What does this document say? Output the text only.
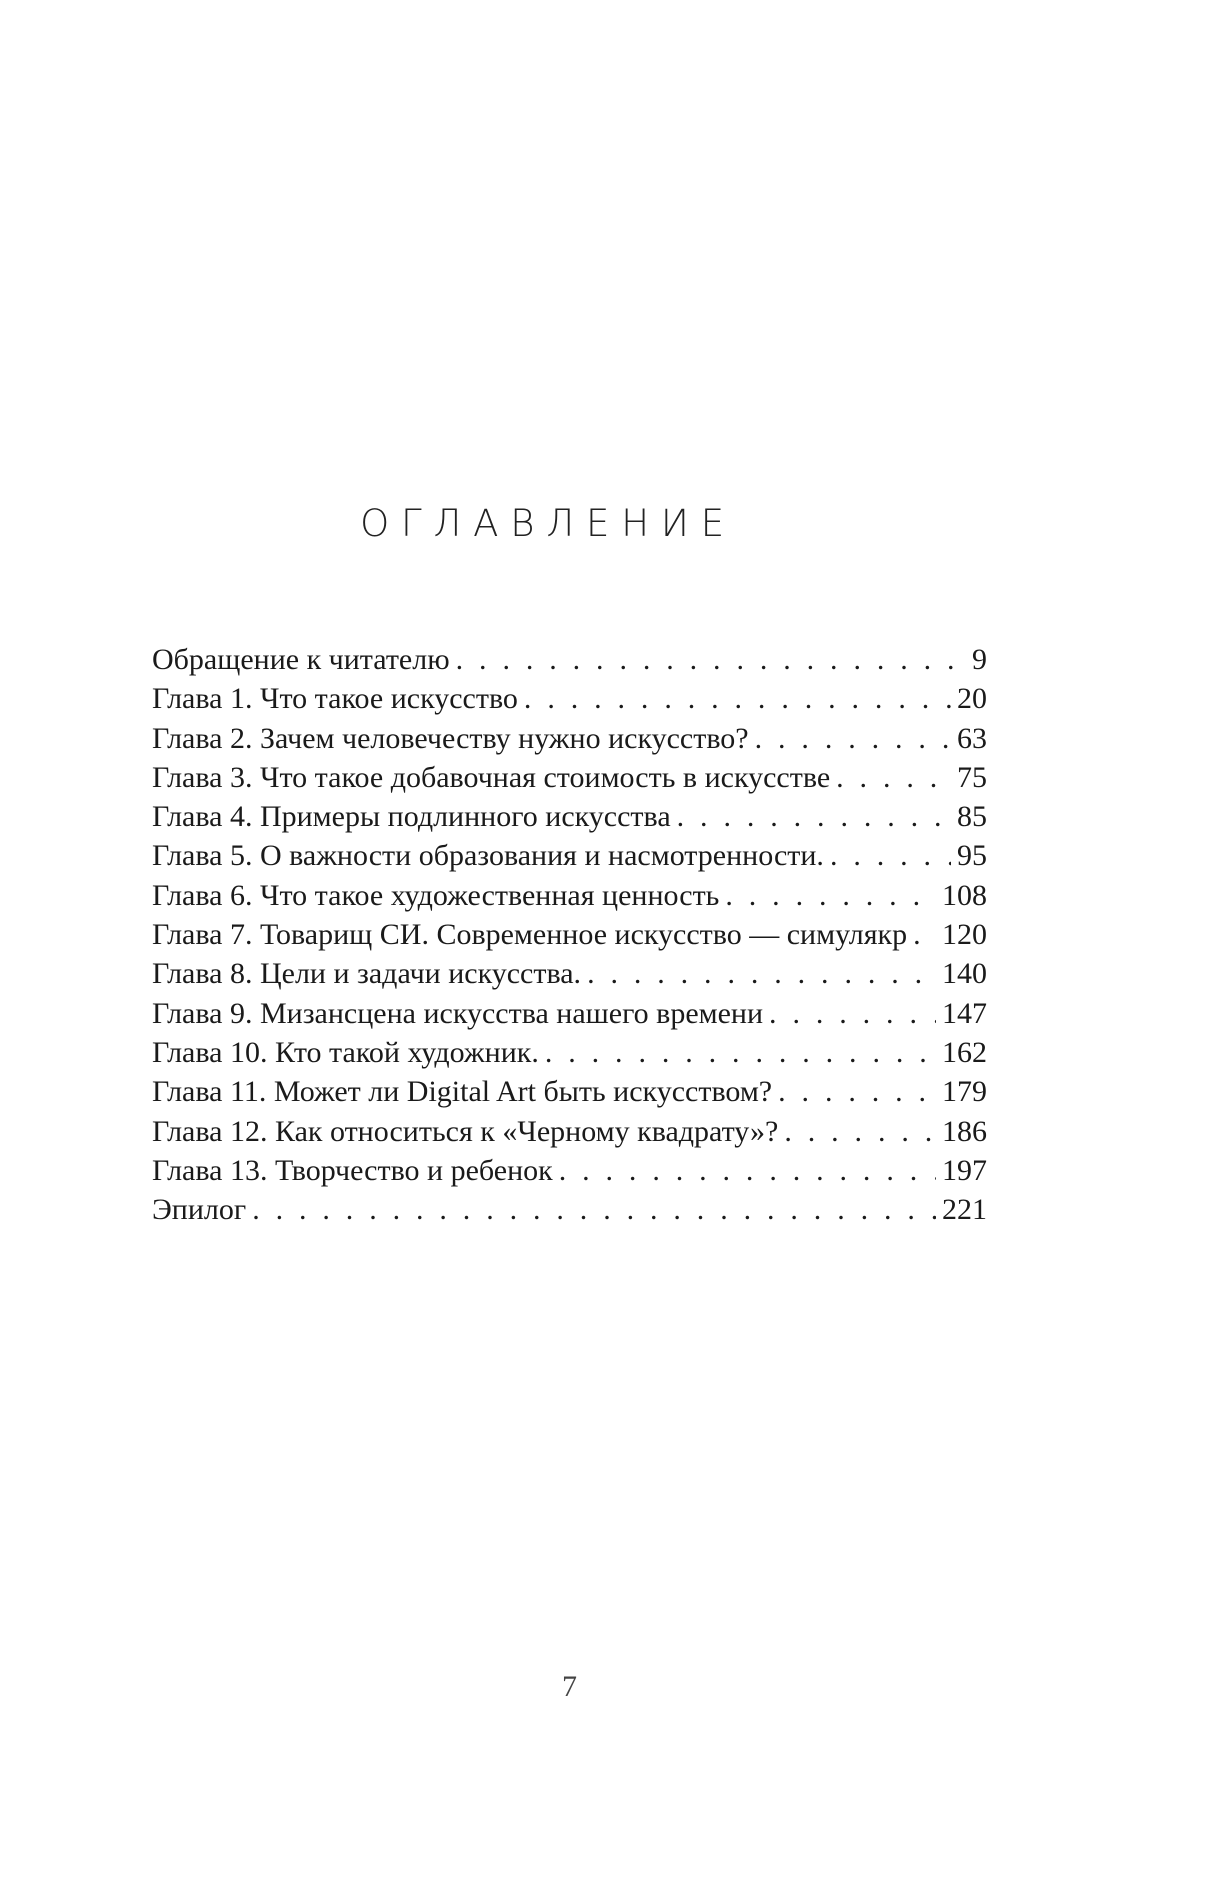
ОГЛАВЛЕНИЕ
Обращение к читателю . . .	9
Глава 1. Что такое искусство . . .	20
Глава 2. Зачем человечеству нужно искусство? . . .	63
Глава 3. Что такое добавочная стоимость в искусстве . . .	75
Глава 4. Примеры подлинного искусства . . .	85
Глава 5. О важности образования и насмотренности. . . .	95
Глава 6. Что такое художественная ценность . . .	108
Глава 7. Товарищ СИ. Современное искусство — симулякр . . . 120
Глава 8. Цели и задачи искусства. . . .	140
Глава 9. Мизансцена искусства нашего времени . . .	147
Глава 10. Кто такой художник. . . .	162
Глава 11. Может ли Digital Art быть искусством? . . .	179
Глава 12. Как относиться к «Черному квадрату»? . . .	186
Глава 13. Творчество и ребенок . . .	197
Эпилог . . .	221
7
